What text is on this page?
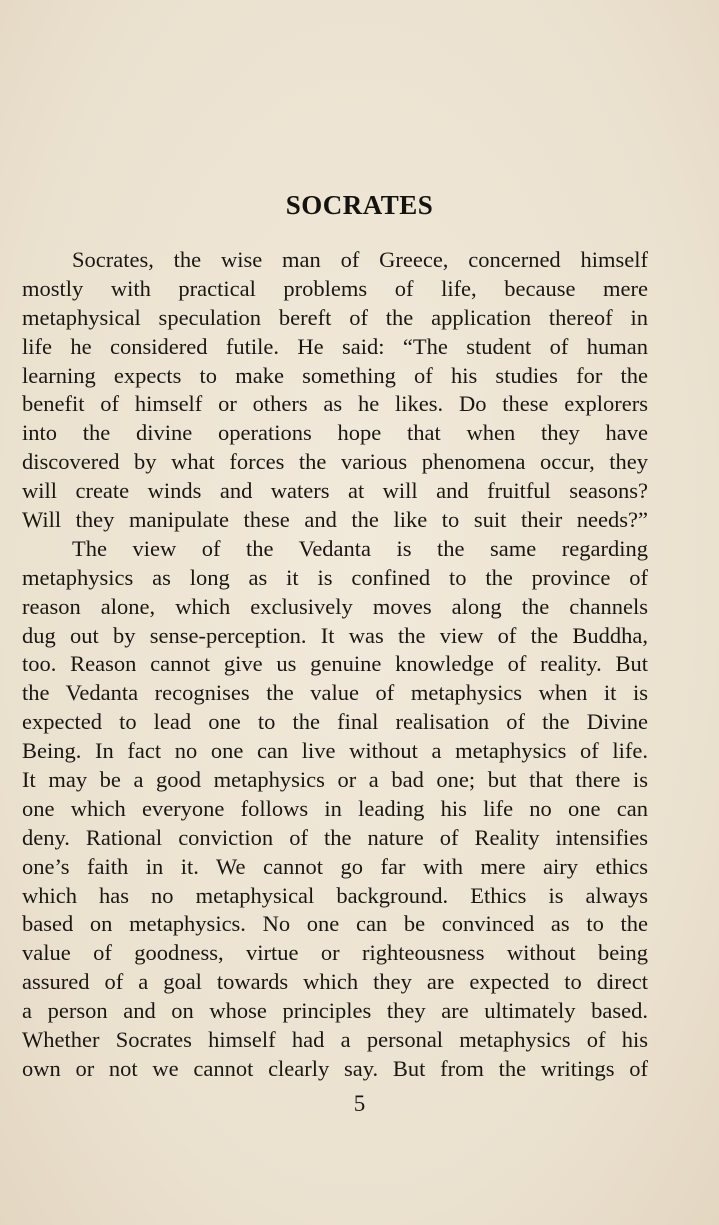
SOCRATES

Socrates, the wise man of Greece, concerned himself
mostly with practical problems of life, because mere
metaphysical speculation bereft of the application thereof in
life he considered futile. He said: “The student of human
learning expects to make something of his studies for the
benefit of himself or others as he likes. Do these explorers
into the divine operations hope that when they have
discovered by what forces the various phenomena occur, they
will create winds and waters at will and fruitful seasons?
Will they manipulate these and the like to suit their needs?”

The view of the Vedanta is the same regarding
metaphysics as long as it is confined to the province of
reason alone, which exclusively moves along the channels
dug out by sense-perception. It was the view of the Buddha,
too. Reason cannot give us genuine knowledge of reality. But
the Vedanta recognises the value of metaphysics when it is
expected to lead one to the final realisation of the Divine
Being. In fact no one can live without a metaphysics of life.
It may be a good metaphysics or a bad one; but that there is
one which everyone follows in leading his life no one can
deny. Rational conviction of the nature of Reality intensifies
one’s faith in it. We cannot go far with mere airy ethics
which has no metaphysical background. Ethics is always
based on metaphysics. No one can be convinced as to the
value of goodness, virtue or righteousness without being
assured of a goal towards which they are expected to direct
a person and on whose principles they are ultimately based.
Whether Socrates himself had a personal metaphysics of his
own or not we cannot clearly say. But from the writings of

5
